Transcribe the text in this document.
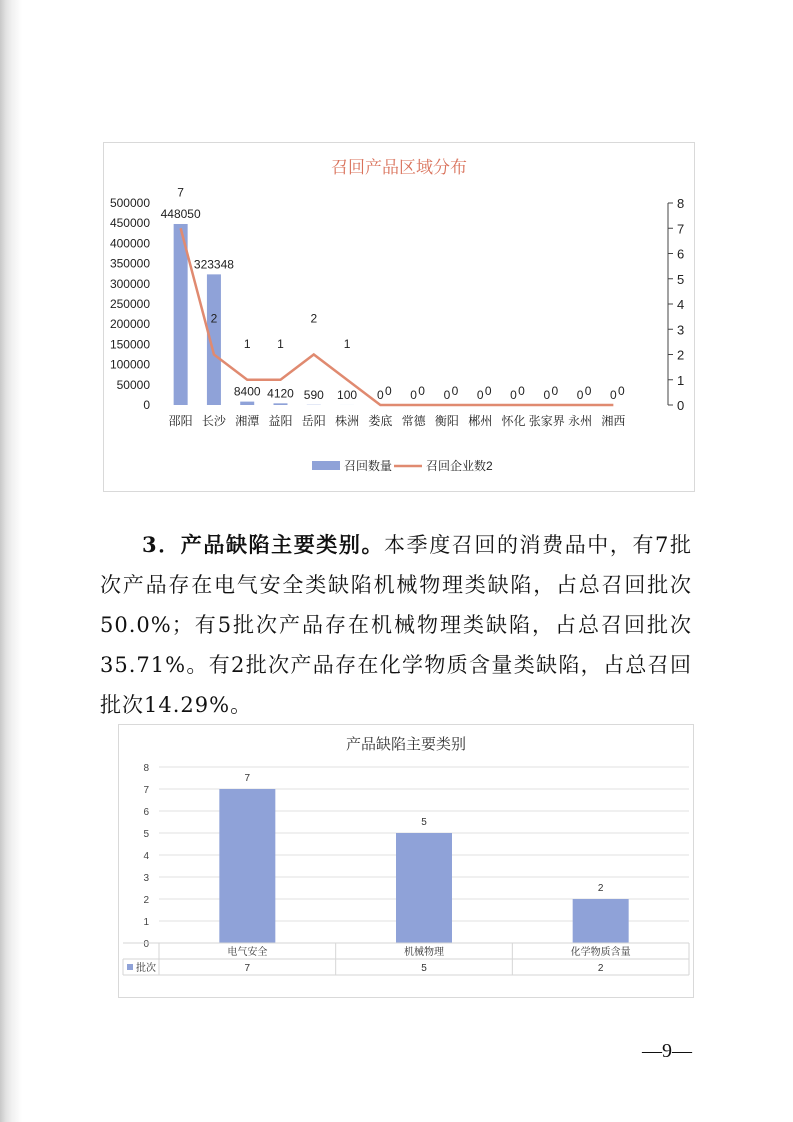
召回产品区域分布
0
50000
100000
150000
200000
250000
300000
350000
400000
450000
500000
0
1
2
3
4
5
6
7
8
448050
邵阳
323348
长沙
8400
湘潭
4120
益阳
590
岳阳
100
株洲
0
娄底
0
常德
0
衡阳
0
郴州
0
怀化
0
张家界
0
永州
0
湘西
7
2
1 1
2
1
0 0 0 0 0 0 0 0
召回数量	召回企业数2
3．产品缺陷主要类别。本季度召回的消费品中，有7批次产品存在电气安全类缺陷机械物理类缺陷，占总召回批次50.0%；有5批次产品存在机械物理类缺陷，占总召回批次35.71%。有2批次产品存在化学物质含量类缺陷，占总召回批次14.29%。
产品缺陷主要类别
0
1
2
3
4
5
6
7
8
7
5
2
电气安全
7
机械物理
5
化学物质含量
2
批次
—9—
